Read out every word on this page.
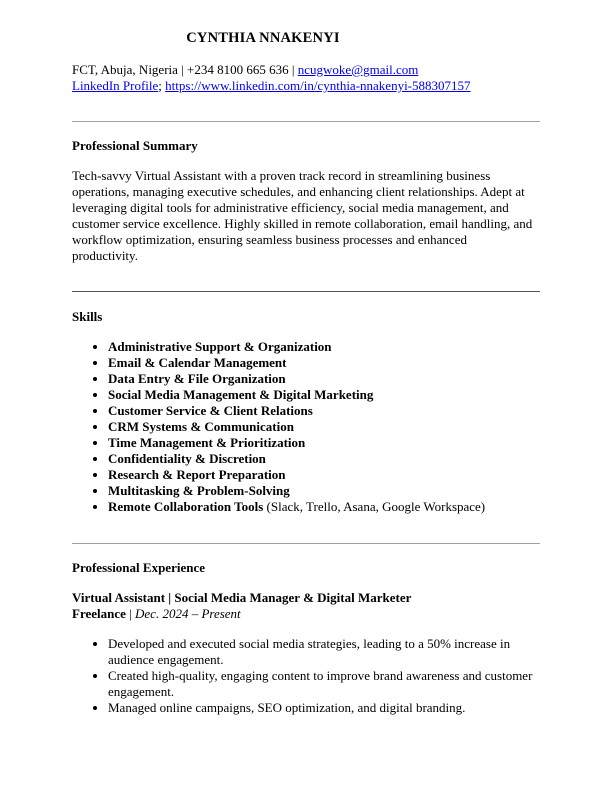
CYNTHIA NNAKENYI
FCT, Abuja, Nigeria | +234 8100 665 636 | ncugwoke@gmail.com
LinkedIn Profile; https://www.linkedin.com/in/cynthia-nnakenyi-588307157
Professional Summary

Tech-savvy Virtual Assistant with a proven track record in streamlining business operations, managing executive schedules, and enhancing client relationships. Adept at leveraging digital tools for administrative efficiency, social media management, and customer service excellence. Highly skilled in remote collaboration, email handling, and workflow optimization, ensuring seamless business processes and enhanced productivity.

Skills
• Administrative Support & Organization
• Email & Calendar Management
• Data Entry & File Organization
• Social Media Management & Digital Marketing
• Customer Service & Client Relations
• CRM Systems & Communication
• Time Management & Prioritization
• Confidentiality & Discretion
• Research & Report Preparation
• Multitasking & Problem-Solving
• Remote Collaboration Tools (Slack, Trello, Asana, Google Workspace)
Professional Experience
Virtual Assistant | Social Media Manager & Digital Marketer
Freelance | Dec. 2024 – Present
• Developed and executed social media strategies, leading to a 50% increase in audience engagement.
• Created high-quality, engaging content to improve brand awareness and customer engagement.
• Managed online campaigns, SEO optimization, and digital branding.
